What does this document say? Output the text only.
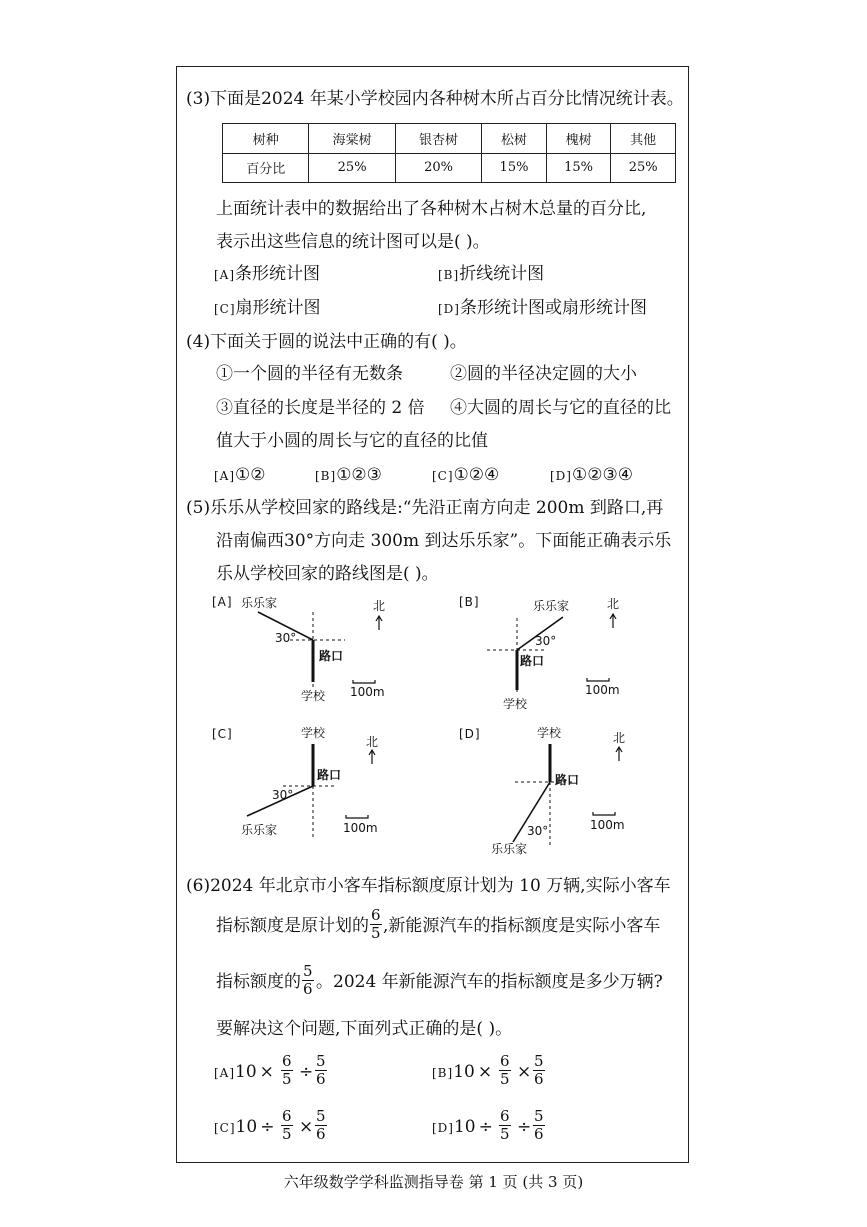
(3)下面是2024 年某小学校园内各种树木所占百分比情况统计表。
树种	海棠树	银杏树	松树	槐树	其他
百分比	25%	20%	15%	15%	25%
上面统计表中的数据给出了各种树木占树木总量的百分比,
表示出这些信息的统计图可以是( )。
[A]条形统计图	[B]折线统计图
[C]扇形统计图	[D]条形统计图或扇形统计图
(4)下面关于圆的说法中正确的有( )。
①一个圆的半径有无数条	②圆的半径决定圆的大小
③直径的长度是半径的 2 倍 ④大圆的周长与它的直径的比
值大于小圆的周长与它的直径的比值
[A]①②	[B]①②③	[C]①②④	[D]①②③④
(5)乐乐从学校回家的路线是:“先沿正南方向走 200m 到路口,再
沿南偏西30°方向走 300m 到达乐乐家”。下面能正确表示乐
乐从学校回家的路线图是( )。
[A] 乐乐家
30°
路口
学校
北
100m
[B]	乐乐家
30°
路口
学校
北
100m
[C]	学校
路口
30°
乐乐家
北
100m
[D]	学校
路口
30°
乐乐家
北
100m
(6)2024 年北京市小客车指标额度原计划为 10 万辆,实际小客车
指标额度是原计划的 $\frac{6}{5}$ ,新能源汽车的指标额度是实际小客车
指标额度的 $\frac{5}{6}$ 。2024 年新能源汽车的指标额度是多少万辆?
要解决这个问题,下面列式正确的是( )。
$[A]10 \times \frac{6}{5} \div \frac{5}{6}$	$[B]10 \times \frac{6}{5} \times \frac{5}{6}$
$[C]10 \div \frac{6}{5} \times \frac{5}{6}$	$[D]10 \div \frac{6}{5} \div \frac{5}{6}$
六年级数学学科监测指导卷 第 1 页 (共 3 页)
